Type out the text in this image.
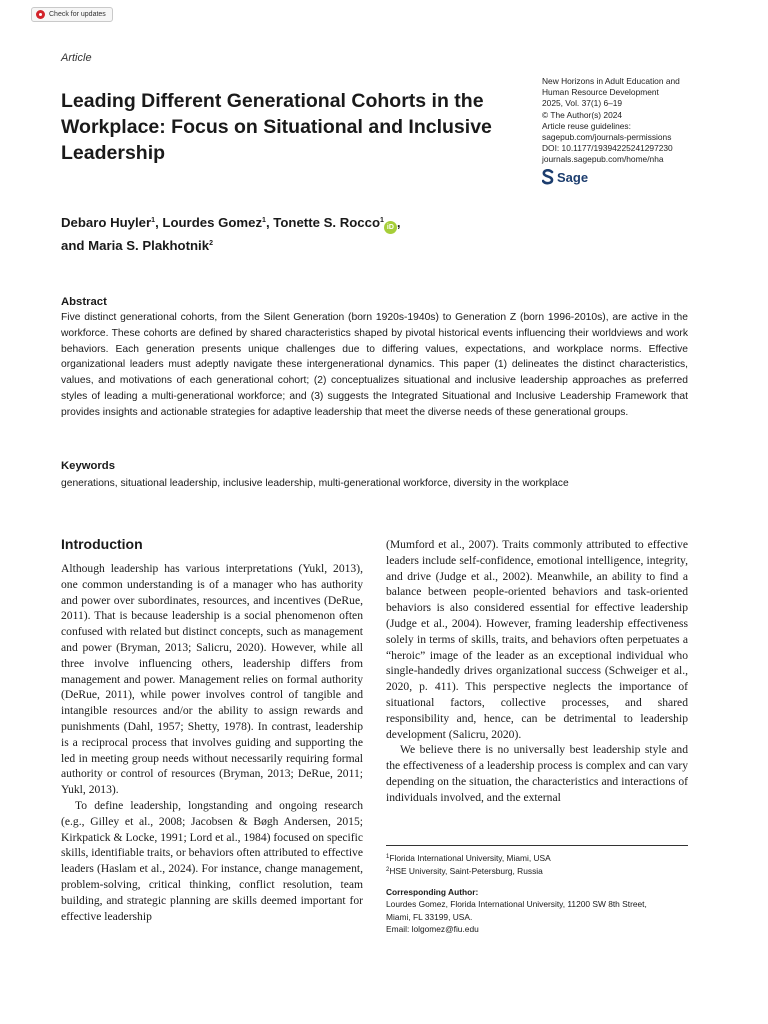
Check for updates
Article
Leading Different Generational Cohorts in the Workplace: Focus on Situational and Inclusive Leadership
New Horizons in Adult Education and
Human Resource Development
2025, Vol. 37(1) 6–19
© The Author(s) 2024
Article reuse guidelines:
sagepub.com/journals-permissions
DOI: 10.1177/19394225241297230
journals.sagepub.com/home/nha
Sage
Debaro Huyler$^1$, Lourdes Gomez$^1$, Tonette S. Rocco$^1$iD ,
and Maria S. Plakhotnik$^2$
Abstract

Five distinct generational cohorts, from the Silent Generation (born 1920s-1940s) to Generation Z (born 1996-2010s), are active in the workforce. These cohorts are defined by shared characteristics shaped by pivotal historical events influencing their worldviews and work behaviors. Each generation presents unique challenges due to differing values, expectations, and workplace norms. Effective organizational leaders must adeptly navigate these intergenerational dynamics. This paper (1) delineates the distinct characteristics, values, and motivations of each generational cohort; (2) conceptualizes situational and inclusive leadership approaches as preferred styles of leading a multi-generational workforce; and (3) suggests the Integrated Situational and Inclusive Leadership Framework that provides insights and actionable strategies for adaptive leadership that meet the diverse needs of these generational groups.

Keywords
generations, situational leadership, inclusive leadership, multi-generational workforce, diversity in the workplace
Introduction

Although leadership has various interpretations (Yukl, 2013), one common understanding is of a manager who has authority and power over subordinates, resources, and incentives (DeRue, 2011). That is because leadership is a social phenomenon often confused with related but distinct concepts, such as management and power (Bryman, 2013; Salicru, 2020). However, while all three involve influencing others, leadership differs from management and power. Management relies on formal authority (DeRue, 2011), while power involves control of tangible and intangible resources and/or the ability to assign rewards and punishments (Dahl, 1957; Shetty, 1978). In contrast, leadership is a reciprocal process that involves guiding and supporting the led in meeting group needs without necessarily requiring formal authority or control of resources (Bryman, 2013; DeRue, 2011; Yukl, 2013).

To define leadership, longstanding and ongoing research (e.g., Gilley et al., 2008; Jacobsen & Bøgh Andersen, 2015; Kirkpatick & Locke, 1991; Lord et al., 1984) focused on specific skills, identifiable traits, or behaviors often attributed to effective leaders (Haslam et al., 2024). For instance, change management, problem-solving, critical thinking, conflict resolution, team building, and strategic planning are skills deemed important for effective leadership

(Mumford et al., 2007). Traits commonly attributed to effective leaders include self-confidence, emotional intelligence, integrity, and drive (Judge et al., 2002). Meanwhile, an ability to find a balance between people-oriented behaviors and task-oriented behaviors is also considered essential for effective leadership (Judge et al., 2004). However, framing leadership effectiveness solely in terms of skills, traits, and behaviors often perpetuates a “heroic” image of the leader as an exceptional individual who single-handedly drives organizational success (Schweiger et al., 2020, p. 411). This perspective neglects the importance of situational factors, collective processes, and shared responsibility and, hence, can be detrimental to leadership development (Salicru, 2020).

We believe there is no universally best leadership style and the effectiveness of a leadership process is complex and can vary depending on the situation, the characteristics and interactions of individuals involved, and the external

$^1$Florida International University, Miami, USA
$^2$HSE University, Saint-Petersburg, Russia
Corresponding Author:
Lourdes Gomez, Florida International University, 11200 SW 8th Street,
Miami, FL 33199, USA.
Email: lolgomez@fiu.edu
